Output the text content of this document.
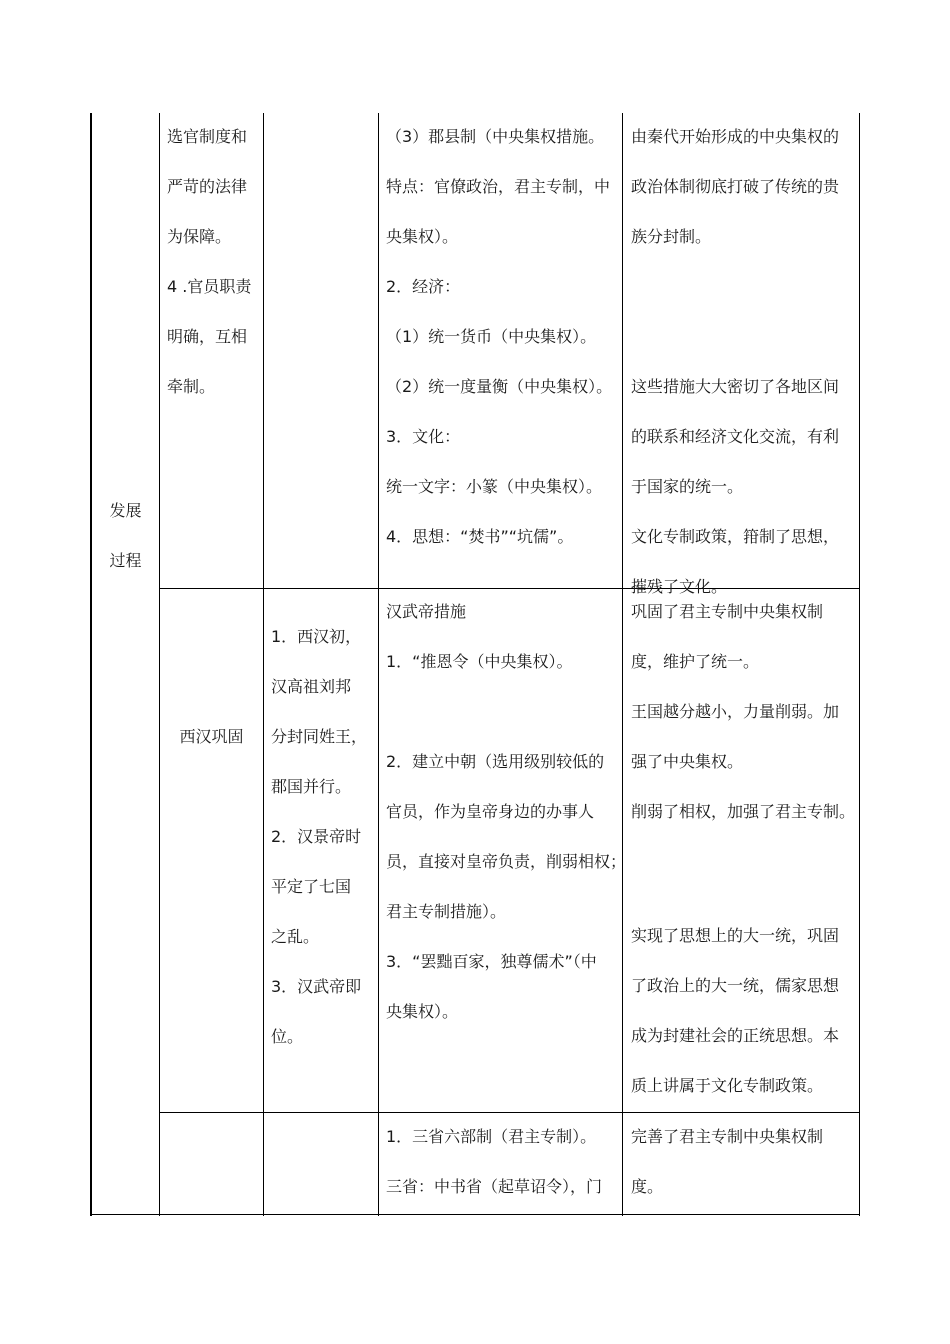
发展

过程

选官制度和

严苛的法律

为保障。

4 .官员职责

明确，互相

牵制。

（3）郡县制（中央集权措施。

特点：官僚政治，君主专制，中

央集权）。

2．经济：

（1）统一货币（中央集权）。

（2）统一度量衡（中央集权）。

3．文化：

统一文字：小篆（中央集权）。

4．思想：“焚书”“坑儒”。

由秦代开始形成的中央集权的

政治体制彻底打破了传统的贵

族分封制。

这些措施大大密切了各地区间

的联系和经济文化交流，有利

于国家的统一。

文化专制政策，箝制了思想，

摧残了文化。

西汉巩固

1．西汉初，

汉高祖刘邦

分封同姓王，

郡国并行。

2．汉景帝时

平定了七国

之乱。

3．汉武帝即

位。

汉武帝措施

1．“推恩令（中央集权）。

2．建立中朝（选用级别较低的

官员，作为皇帝身边的办事人

员，直接对皇帝负责，削弱相权；

君主专制措施）。

3．“罢黜百家，独尊儒术”（中

央集权）。

巩固了君主专制中央集权制

度，维护了统一。

王国越分越小，力量削弱。加

强了中央集权。

削弱了相权，加强了君主专制。

实现了思想上的大一统，巩固

了政治上的大一统，儒家思想

成为封建社会的正统思想。本

质上讲属于文化专制政策。

1．三省六部制（君主专制）。

三省：中书省（起草诏令），门

完善了君主专制中央集权制

度。
